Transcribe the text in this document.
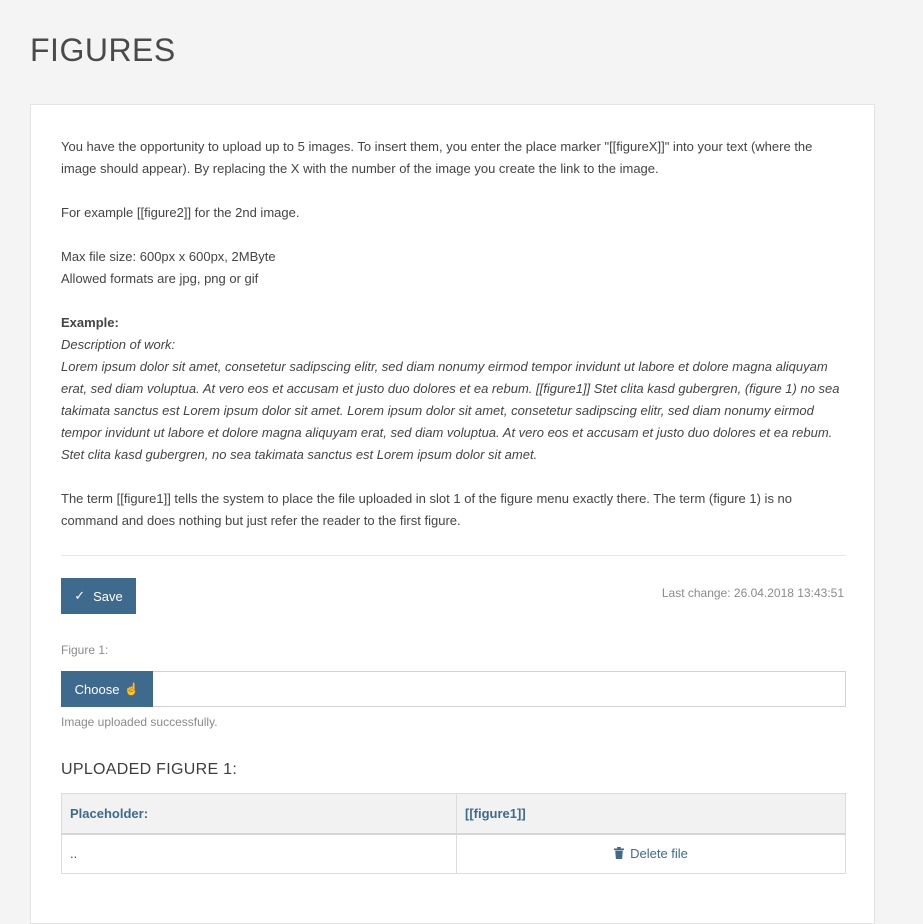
FIGURES

You have the opportunity to upload up to 5 images. To insert them, you enter the place marker "[[figureX]]" into your text (where the image should appear). By replacing the X with the number of the image you create the link to the image.

For example [[figure2]] for the 2nd image.

Max file size: 600px x 600px, 2MByte

Allowed formats are jpg, png or gif

Example:

Description of work:

Lorem ipsum dolor sit amet, consetetur sadipscing elitr, sed diam nonumy eirmod tempor invidunt ut labore et dolore magna aliquyam erat, sed diam voluptua. At vero eos et accusam et justo duo dolores et ea rebum. [[figure1]] Stet clita kasd gubergren, (figure 1) no sea takimata sanctus est Lorem ipsum dolor sit amet. Lorem ipsum dolor sit amet, consetetur sadipscing elitr, sed diam nonumy eirmod tempor invidunt ut labore et dolore magna aliquyam erat, sed diam voluptua. At vero eos et accusam et justo duo dolores et ea rebum. Stet clita kasd gubergren, no sea takimata sanctus est Lorem ipsum dolor sit amet.

The term [[figure1]] tells the system to place the file uploaded in slot 1 of the figure menu exactly there. The term (figure 1) is no command and does nothing but just refer the reader to the first figure.

✓ Save	Last change: 26.04.2018 13:43:51
Figure 1:
Choose ☝
Image uploaded successfully.
UPLOADED FIGURE 1:
Placeholder:	[[figure1]]
..	Delete file
